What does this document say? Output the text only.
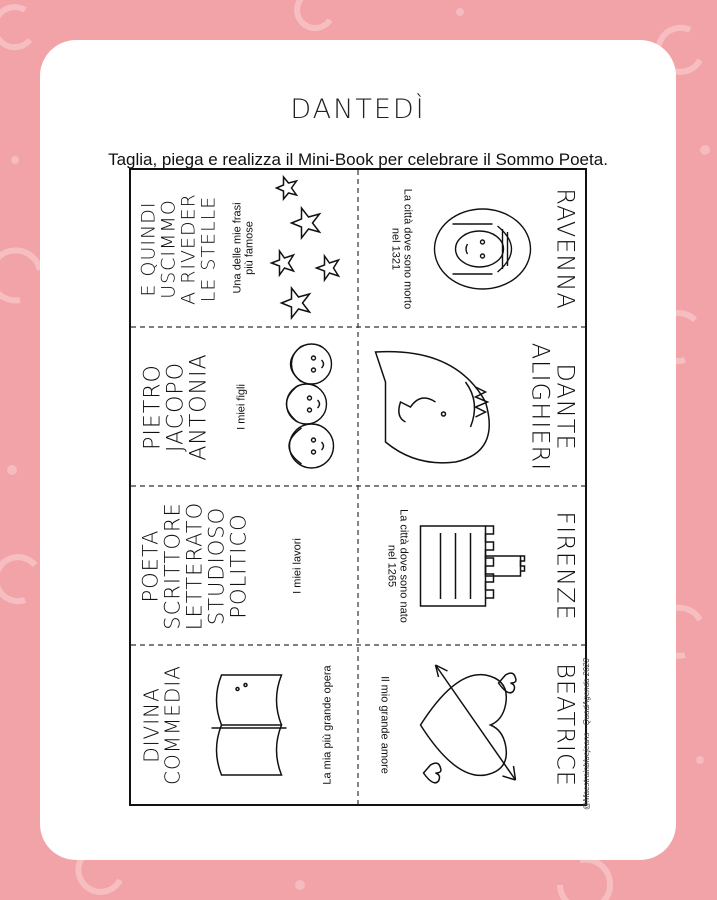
DANTEDÌ
Taglia, piega e realizza il Mini-Book per celebrare il Sommo Poeta.
E QUINDI
USCIMMO
A RIVEDER
LE STELLE Una delle mie frasi più famose	RAVENNA
La città dove sono morto
nel 1321
PIETRO
JACOPO
ANTONIA I miei figli	DANTE
ALIGHIERI
POETA
SCRITTORE
LETTERATO
STUDIOSO
POLITICO	I miei lavori	FIRENZE
La città dove sono nato
nel 1265
DIVINA
COMMEDIA	La mia più grande opera	BEATRICE
Il mio grande amore	@Maestrainbluejeans - QuadAgenda 2023
